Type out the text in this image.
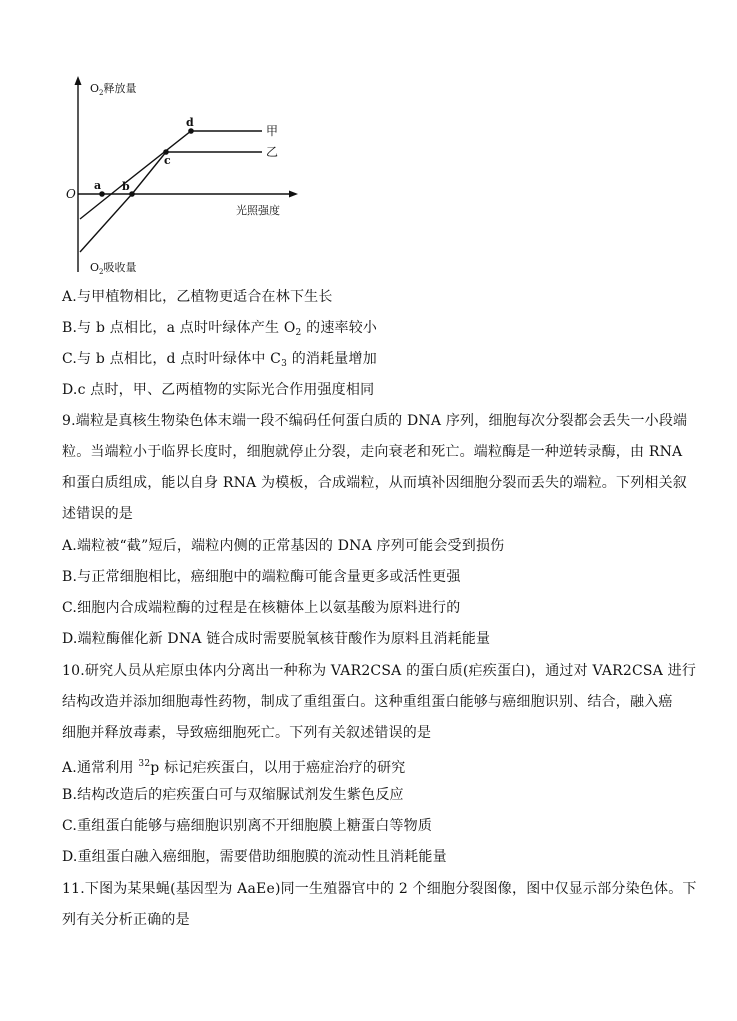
$O_2$释放量
$O_2$吸收量
O
光照强度
甲
乙
a b
c
d
A.与甲植物相比，乙植物更适合在林下生长
B.与 b 点相比，a 点时叶绿体产生 $O_2$ 的速率较小
C.与 b 点相比，d 点时叶绿体中 $C_3$ 的消耗量增加
D.c 点时，甲、乙两植物的实际光合作用强度相同
9.端粒是真核生物染色体末端一段不编码任何蛋白质的 DNA 序列，细胞每次分裂都会丢失一小段端
粒。当端粒小于临界长度时，细胞就停止分裂，走向衰老和死亡。端粒酶是一种逆转录酶，由 RNA
和蛋白质组成，能以自身 RNA 为模板，合成端粒，从而填补因细胞分裂而丢失的端粒。下列相关叙
述错误的是
A.端粒被“截”短后，端粒内侧的正常基因的 DNA 序列可能会受到损伤
B.与正常细胞相比，癌细胞中的端粒酶可能含量更多或活性更强
C.细胞内合成端粒酶的过程是在核糖体上以氨基酸为原料进行的
D.端粒酶催化新 DNA 链合成时需要脱氧核苷酸作为原料且消耗能量
10.研究人员从疟原虫体内分离出一种称为 VAR2CSA 的蛋白质(疟疾蛋白)，通过对 VAR2CSA 进行
结构改造并添加细胞毒性药物，制成了重组蛋白。这种重组蛋白能够与癌细胞识别、结合，融入癌
细胞并释放毒素，导致癌细胞死亡。下列有关叙述错误的是
A.通常利用 $^{32}$p 标记疟疾蛋白，以用于癌症治疗的研究
B.结构改造后的疟疾蛋白可与双缩脲试剂发生紫色反应
C.重组蛋白能够与癌细胞识别离不开细胞膜上糖蛋白等物质
D.重组蛋白融入癌细胞，需要借助细胞膜的流动性且消耗能量
11.下图为某果蝇(基因型为 AaEe)同一生殖器官中的 2 个细胞分裂图像，图中仅显示部分染色体。下
列有关分析正确的是
